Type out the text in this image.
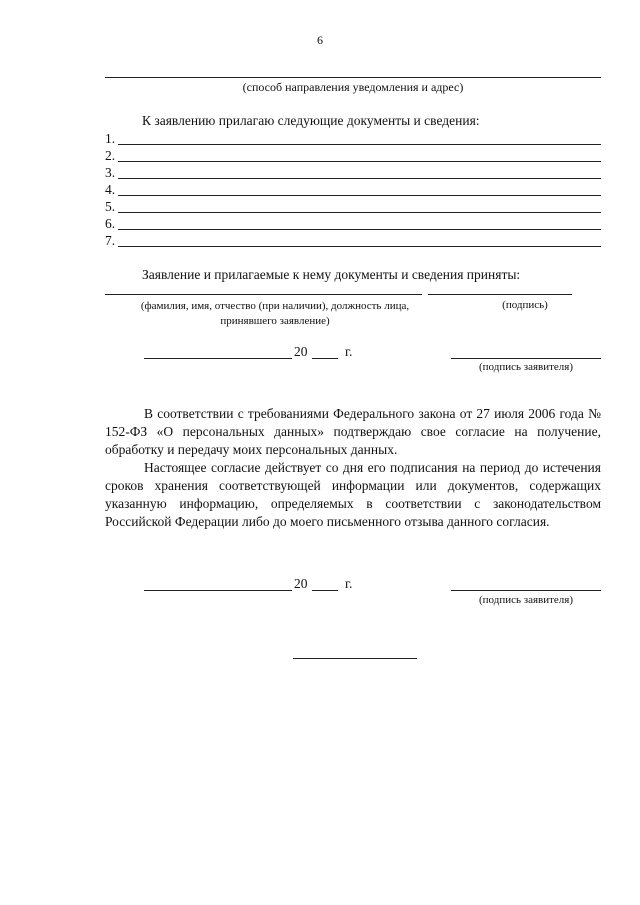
6
(способ направления уведомления и адрес)
К заявлению прилагаю следующие документы и сведения:
1.
2.
3.
4.
5.
6.
7.
Заявление и прилагаемые к нему документы и сведения приняты:
(фамилия, имя, отчество (при наличии), должность лица,
принявшего заявление)
(подпись)
20	г.
(подпись заявителя)
В соответствии с требованиями Федерального закона от 27 июля 2006 года № 152-ФЗ «О персональных данных» подтверждаю свое согласие на получение, обработку и передачу моих персональных данных.
Настоящее согласие действует со дня его подписания на период до истечения сроков хранения соответствующей информации или документов, содержащих указанную информацию, определяемых в соответствии с законодательством Российской Федерации либо до моего письменного отзыва данного согласия.
20	г.
(подпись заявителя)
